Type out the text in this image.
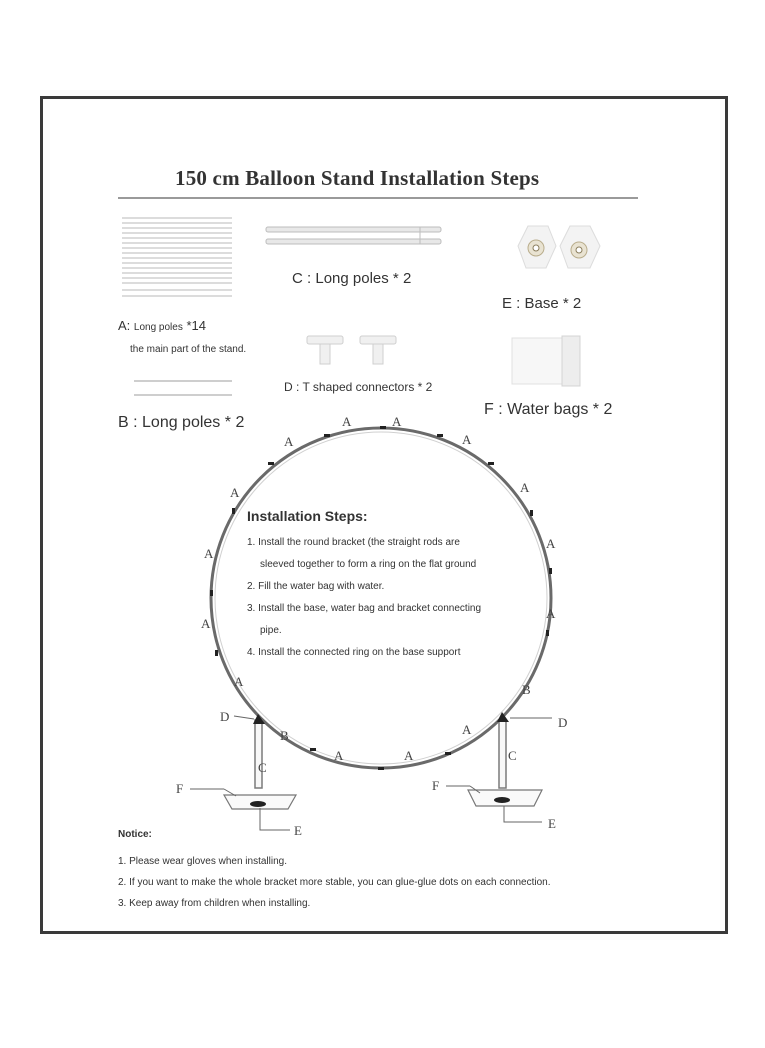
A	A
A	A
A	A
A
A
A
A
A
B
B
A	A
A
D	D
C
C
F	F
E	E
150 cm Balloon Stand Installation Steps
C : Long poles * 2
E : Base * 2
A: Long poles *14
the main part of the stand.
D : T shaped connectors * 2
F : Water bags * 2
B : Long poles * 2
Installation Steps:
1. Install the round bracket (the straight rods are
sleeved together to form a ring on the flat ground
2. Fill the water bag with water.
3. Install the base, water bag and bracket connecting
pipe.
4. Install the connected ring on the base support
Notice:
1. Please wear gloves when installing.
2. If you want to make the whole bracket more stable, you can glue-glue dots on each connection.
3. Keep away from children when installing.
